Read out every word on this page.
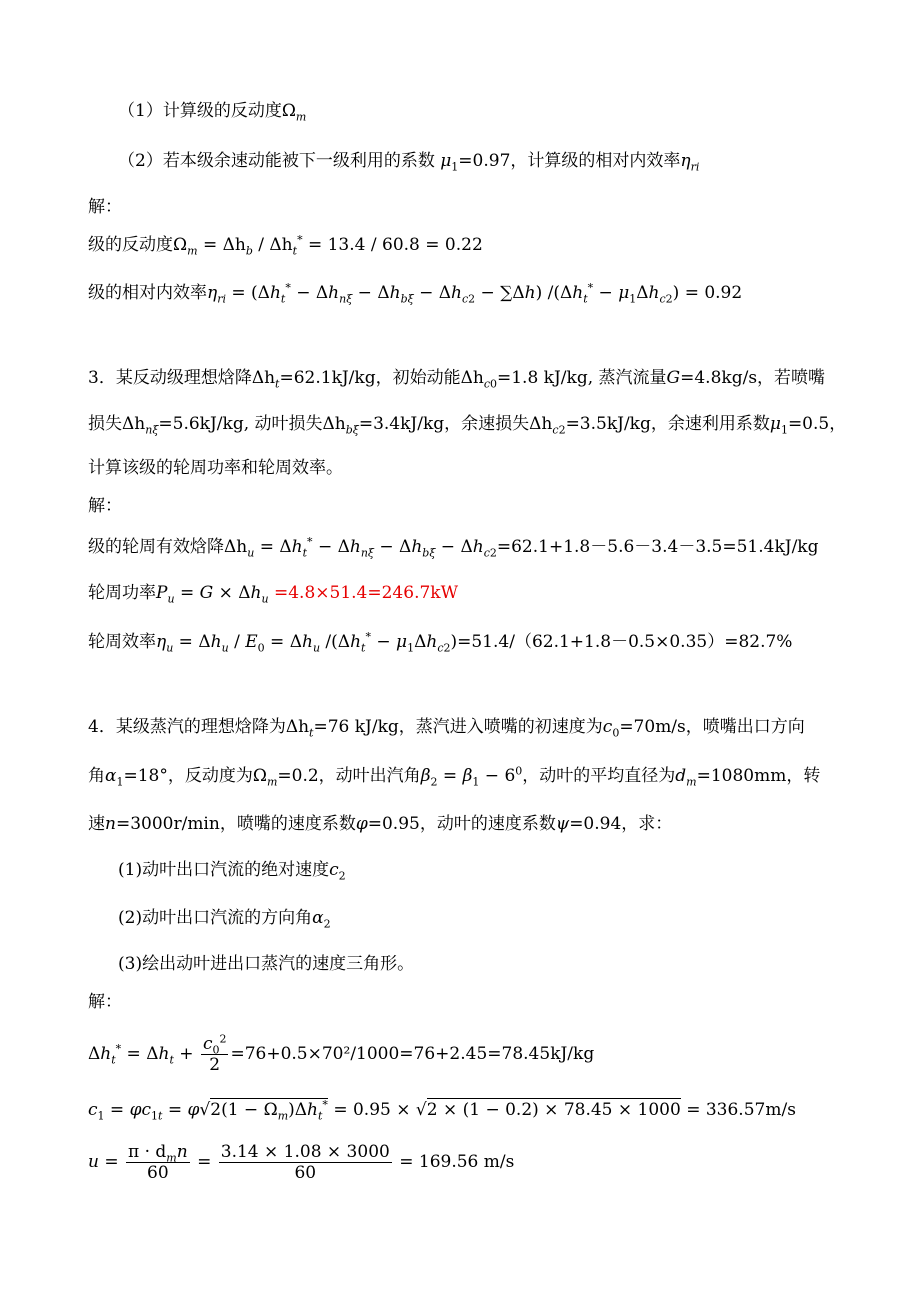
（1）计算级的反动度$\Omega_m$
（2）若本级余速动能被下一级利用的系数 $\mu_1=0.97$，计算级的相对内效率$\eta_{ri}$
解：
级的反动度$\Omega_m = \Delta h_b / \Delta h_t^* = 13.4 / 60.8 = 0.22$
级的相对内效率$\eta_{ri} = (\Delta h_t^* - \Delta h_{n\xi} - \Delta h_{b\xi} - \Delta h_{c2} - \sum\Delta h) /(\Delta h_t^* - \mu_1\Delta h_{c2}) = 0.92$
3．某反动级理想焓降$\Delta h_t=62.1kJ/kg$，初始动能$\Delta h_{c0}=1.8$ kJ/kg, 蒸汽流量G=4.8kg/s，若喷嘴
损失$\Delta h_{n\xi}=5.6kJ/kg$, 动叶损失$\Delta h_{b\xi}=3.4kJ/kg$，余速损失$\Delta h_{c2}=3.5kJ/kg$，余速利用系数$\mu_1=0.5$，
计算该级的轮周功率和轮周效率。
解：
级的轮周有效焓降$\Delta h_u = \Delta h_t^* - \Delta h_{n\xi} - \Delta h_{b\xi} - \Delta h_{c2}=62.1+1.8-5.6-3.4-3.5=51.4kJ/kg$
轮周功率$P_u = G \times \Delta h_u =4.8\times 51.4=246.7kW$
轮周效率$\eta_u = \Delta h_u / E_0 = \Delta h_u$ $/(\Delta h_t^* - \mu_1\Delta h_{c2})=51.4/(62.1+1.8-0.5\times 0.35)=82.7\%$
4．某级蒸汽的理想焓降为$\Delta h_t=76$ kJ/kg，蒸汽进入喷嘴的初速度为$c_0=70m/s$，喷嘴出口方向
角$\alpha_1=18^\circ$，反动度为$\Omega_m=0.2$，动叶出汽角$\beta_2 = \beta_1 - 6^0$，动叶的平均直径为$d_m=1080mm$，转
速n=3000r/min，喷嘴的速度系数φ=0.95，动叶的速度系数ψ=0.94，求：
(1)动叶出口汽流的绝对速度$c_2$
(2)动叶出口汽流的方向角$\alpha_2$
(3)绘出动叶进出口蒸汽的速度三角形。
解：
$\Delta h_t^* = \Delta h_t + \frac{c_0^2}{2} =76+0.5\times 70^2/1000=76+2.45=78.45kJ/kg$
$c_1 = \varphi c_{1t} = \varphi√2(1 - \Omega_m)\Delta h_t^* = 0.95 \times √2 \times (1 - 0.2) \times 78.45 \times 1000 = 336.57m/s$
$u = \frac{\pi \cdot d_mn}{60} = \frac{3.14 \times 1.08 \times 3000}{60} = 169.56$ m/s
